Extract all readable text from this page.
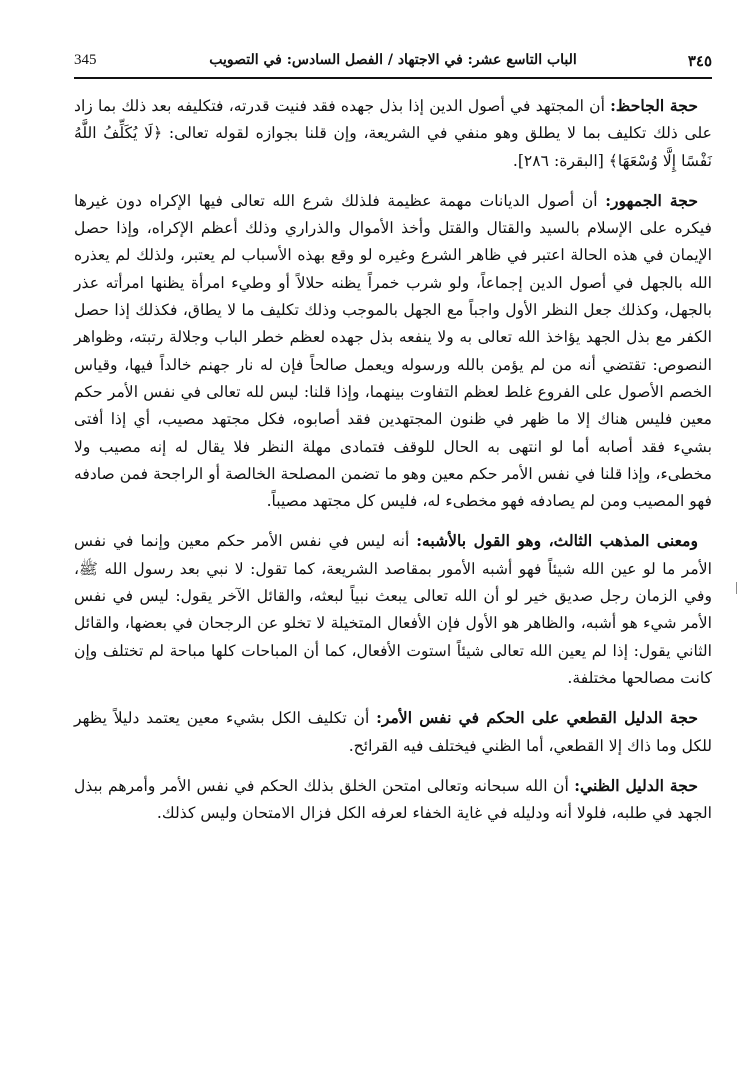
٣٤٥
الباب التاسع عشر: في الاجتهاد / الفصل السادس: في التصويب
345

حجة الجاحظ: أن المجتهد في أصول الدين إذا بذل جهده فقد فنيت قدرته، فتكليفه بعد ذلك بما زاد على ذلك تكليف بما لا يطلق وهو منفي في الشريعة، وإن قلنا بجوازه لقوله تعالى: ﴿لَا يُكَلِّفُ اللَّهُ نَفْسًا إِلَّا وُسْعَهَا﴾ [البقرة: ٢٨٦].

حجة الجمهور: أن أصول الديانات مهمة عظيمة فلذلك شرع الله تعالى فيها الإكراه دون غيرها فيكره على الإسلام بالسيد والقتال والقتل وأخذ الأموال والذراري وذلك أعظم الإكراه، وإذا حصل الإيمان في هذه الحالة اعتبر في ظاهر الشرع وغيره لو وقع بهذه الأسباب لم يعتبر، ولذلك لم يعذره الله بالجهل في أصول الدين إجماعاً، ولو شرب خمراً يظنه حلالاً أو وطيء امرأة يظنها امرأته عذر بالجهل، وكذلك جعل النظر الأول واجباً مع الجهل بالموجب وذلك تكليف ما لا يطاق، فكذلك إذا حصل الكفر مع بذل الجهد يؤاخذ الله تعالى به ولا ينفعه بذل جهده لعظم خطر الباب وجلالة رتبته، وظواهر النصوص: تقتضي أنه من لم يؤمن بالله ورسوله ويعمل صالحاً فإن له نار جهنم خالداً فيها، وقياس الخصم الأصول على الفروع غلط لعظم التفاوت بينهما، وإذا قلنا: ليس لله تعالى في نفس الأمر حكم معين فليس هناك إلا ما ظهر في ظنون المجتهدين فقد أصابوه، فكل مجتهد مصيب، أي إذا أفتى بشيء فقد أصابه أما لو انتهى به الحال للوقف فتمادى مهلة النظر فلا يقال له إنه مصيب ولا مخطىء، وإذا قلنا في نفس الأمر حكم معين وهو ما تضمن المصلحة الخالصة أو الراجحة فمن صادفه فهو المصيب ومن لم يصادفه فهو مخطىء له، فليس كل مجتهد مصيباً.

ومعنى المذهب الثالث، وهو القول بالأشبه: أنه ليس في نفس الأمر حكم معين وإنما في نفس الأمر ما لو عين الله شيئاً فهو أشبه الأمور بمقاصد الشريعة، كما تقول: لا نبي بعد رسول الله ﷺ، وفي الزمان رجل صديق خير لو أن الله تعالى يبعث نبياً لبعثه، والقائل الآخر يقول: ليس في نفس الأمر شيء هو أشبه، والظاهر هو الأول فإن الأفعال المتخيلة لا تخلو عن الرجحان في بعضها، والقائل الثاني يقول: إذا لم يعين الله تعالى شيئاً استوت الأفعال، كما أن المباحات كلها مباحة لم تختلف وإن كانت مصالحها مختلفة.

حجة الدليل القطعي على الحكم في نفس الأمر: أن تكليف الكل بشيء معين يعتمد دليلاً يظهر للكل وما ذاك إلا القطعي، أما الظني فيختلف فيه القرائح.

حجة الدليل الظني: أن الله سبحانه وتعالى امتحن الخلق بذلك الحكم في نفس الأمر وأمرهم ببذل الجهد في طلبه، فلولا أنه ودليله في غاية الخفاء لعرفه الكل فزال الامتحان وليس كذلك.
